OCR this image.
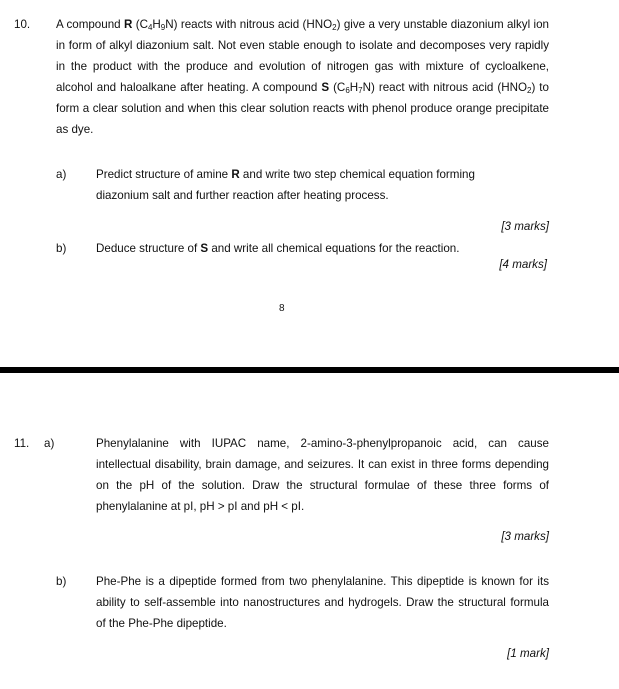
10. A compound R $(C_4H_9N)$ reacts with nitrous acid $(HNO_2)$ give a very unstable diazonium alkyl ion in form of alkyl diazonium salt. Not even stable enough to isolate and decomposes very rapidly in the product with the produce and evolution of nitrogen gas with mixture of cycloalkene, alcohol and haloalkane after heating. A compound S $(C_6H_7N)$ react with nitrous acid $(HNO_2)$ to form a clear solution and when this clear solution reacts with phenol produce orange precipitate as dye.
a)	Predict structure of amine R and write two step chemical equation forming
diazonium salt and further reaction after heating process.
[3 marks]
b)	Deduce structure of S and write all chemical equations for the reaction.
[4 marks]
8
11. a)	Phenylalanine with IUPAC name, 2-amino-3-phenylpropanoic acid, can cause intellectual disability, brain damage, and seizures. It can exist in three forms depending on the pH of the solution. Draw the structural formulae of these three forms of phenylalanine at pI, pH > pI and pH < pI.
[3 marks]
b)	Phe-Phe is a dipeptide formed from two phenylalanine. This dipeptide is known for its ability to self-assemble into nanostructures and hydrogels. Draw the structural formula of the Phe-Phe dipeptide.
[1 mark]
